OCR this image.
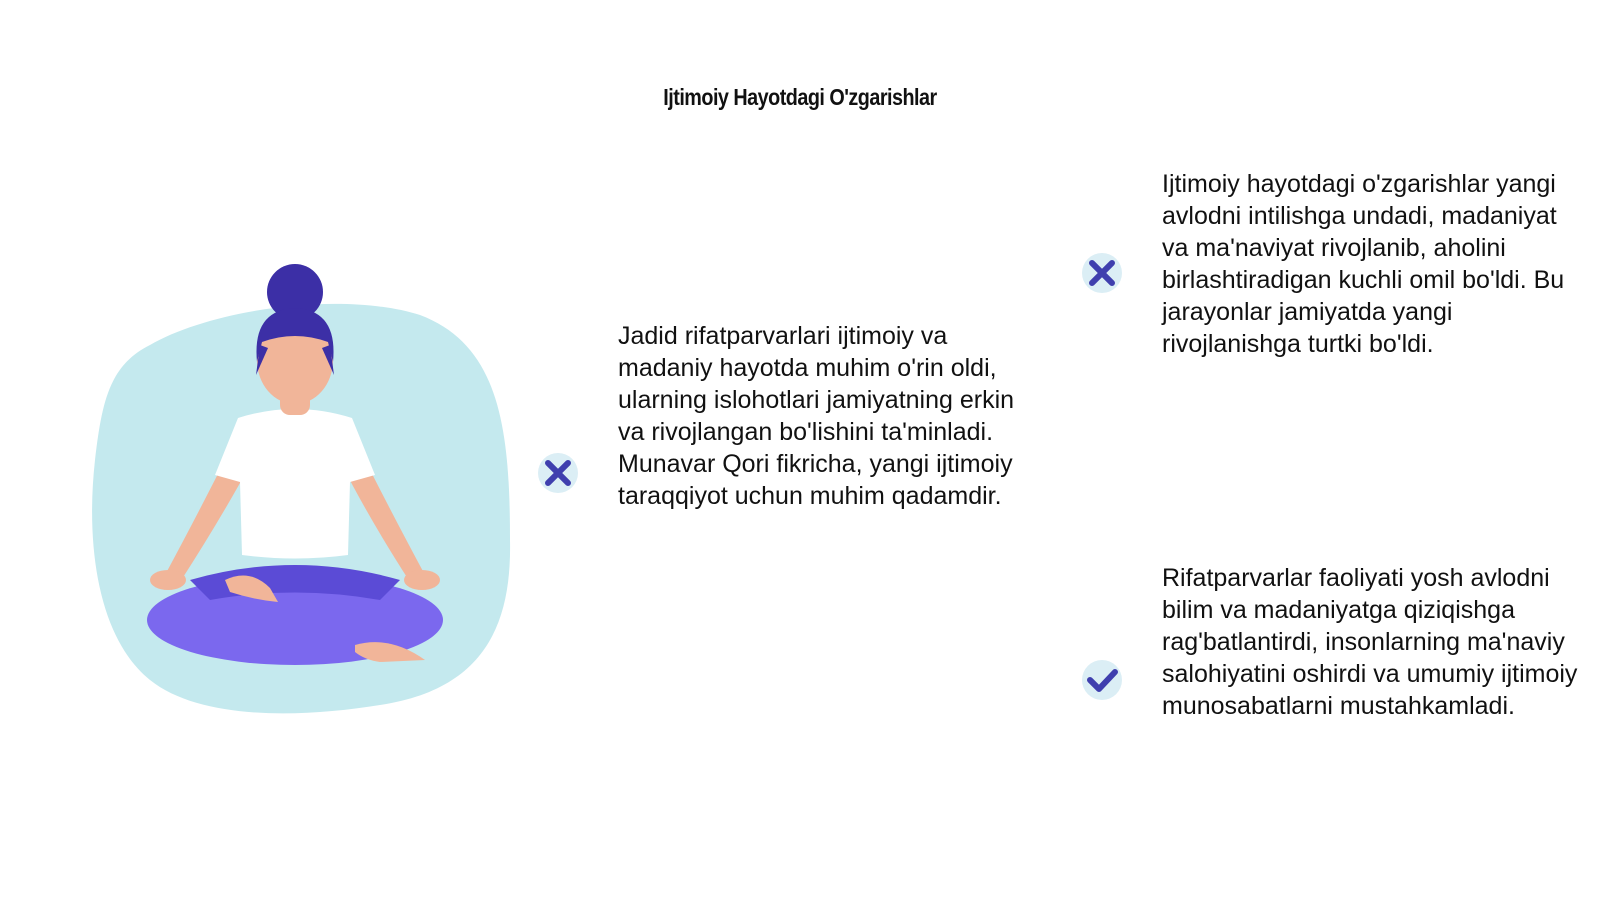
Ijtimoiy Hayotdagi O'zgarishlar

Jadid rifatparvarlari ijtimoiy va madaniy hayotda muhim o'rin oldi, ularning islohotlari jamiyatning erkin va rivojlangan bo'lishini ta'minladi. Munavar Qori fikricha, yangi ijtimoiy taraqqiyot uchun muhim qadamdir.

Ijtimoiy hayotdagi o'zgarishlar yangi avlodni intilishga undadi, madaniyat va ma'naviyat rivojlanib, aholini birlashtiradigan kuchli omil bo'ldi. Bu jarayonlar jamiyatda yangi rivojlanishga turtki bo'ldi.

Rifatparvarlar faoliyati yosh avlodni bilim va madaniyatga qiziqishga rag'batlantirdi, insonlarning ma'naviy salohiyatini oshirdi va umumiy ijtimoiy munosabatlarni mustahkamladi.
